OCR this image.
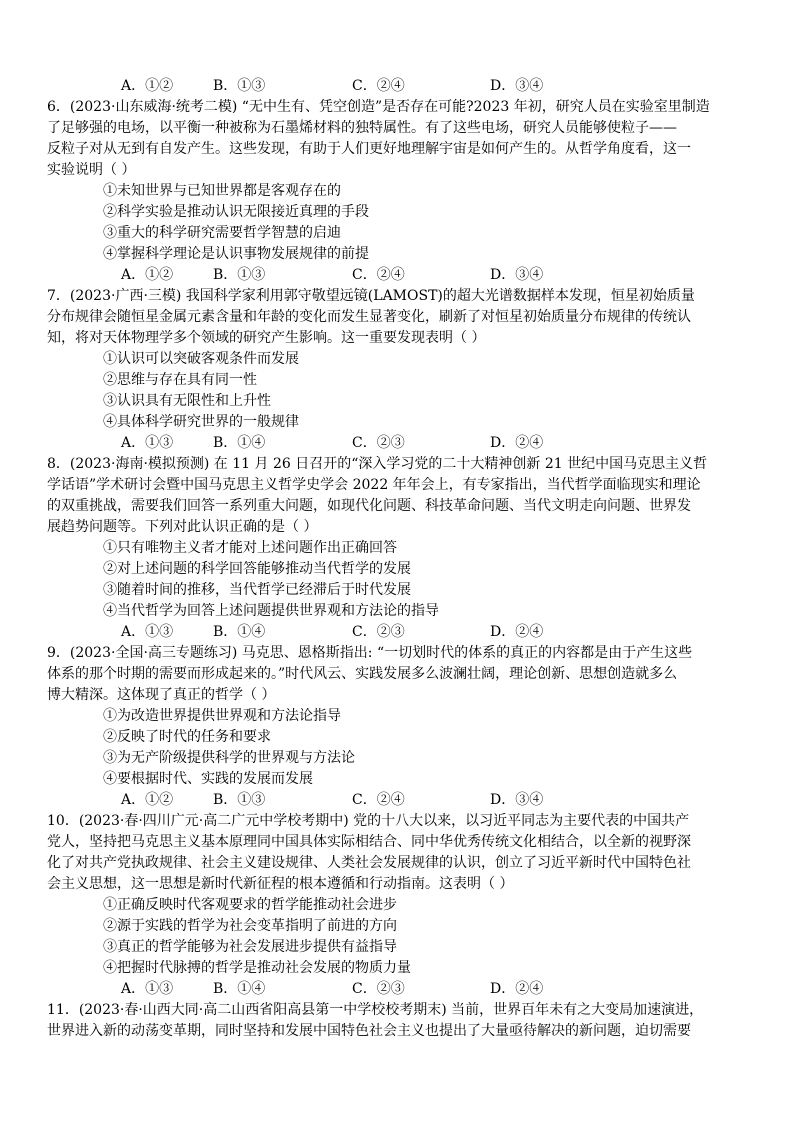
A．①②	B．①③	C．②④	D．③④
6．(2023·山东威海·统考二模) “无中生有、凭空创造”是否存在可能?2023 年初，研究人员在实验室里制造
了足够强的电场，以平衡一种被称为石墨烯材料的独特属性。有了这些电场，研究人员能够使粒子——
反粒子对从无到有自发产生。这些发现，有助于人们更好地理解宇宙是如何产生的。从哲学角度看，这一
实验说明（ ）
①未知世界与已知世界都是客观存在的
②科学实验是推动认识无限接近真理的手段
③重大的科学研究需要哲学智慧的启迪
④掌握科学理论是认识事物发展规律的前提
A．①②	B．①③	C．②④	D．③④
7．(2023·广西·三模) 我国科学家利用郭守敬望远镜(LAMOST)的超大光谱数据样本发现，恒星初始质量
分布规律会随恒星金属元素含量和年龄的变化而发生显著变化，刷新了对恒星初始质量分布规律的传统认
知，将对天体物理学多个领域的研究产生影响。这一重要发现表明（ ）
①认识可以突破客观条件而发展
②思维与存在具有同一性
③认识具有无限性和上升性
④具体科学研究世界的一般规律
A．①③	B．①④	C．②③	D．②④
8．(2023·海南·模拟预测) 在 11 月 26 日召开的“深入学习党的二十大精神创新 21 世纪中国马克思主义哲
学话语”学术研讨会暨中国马克思主义哲学史学会 2022 年年会上，有专家指出，当代哲学面临现实和理论
的双重挑战，需要我们回答一系列重大问题，如现代化问题、科技革命问题、当代文明走向问题、世界发
展趋势问题等。下列对此认识正确的是（ ）
①只有唯物主义者才能对上述问题作出正确回答
②对上述问题的科学回答能够推动当代哲学的发展
③随着时间的推移，当代哲学已经滞后于时代发展
④当代哲学为回答上述问题提供世界观和方法论的指导
A．①③	B．①④	C．②③	D．②④
9．(2023·全国·高三专题练习) 马克思、恩格斯指出: “一切划时代的体系的真正的内容都是由于产生这些
体系的那个时期的需要而形成起来的。”时代风云、实践发展多么波澜壮阔，理论创新、思想创造就多么
博大精深。这体现了真正的哲学（ ）
①为改造世界提供世界观和方法论指导
②反映了时代的任务和要求
③为无产阶级提供科学的世界观与方法论
④要根据时代、实践的发展而发展
A．①②	B．①③	C．②④	D．③④
10．(2023·春·四川广元·高二广元中学校考期中) 党的十八大以来，以习近平同志为主要代表的中国共产
党人，坚持把马克思主义基本原理同中国具体实际相结合、同中华优秀传统文化相结合，以全新的视野深
化了对共产党执政规律、社会主义建设规律、人类社会发展规律的认识，创立了习近平新时代中国特色社
会主义思想，这一思想是新时代新征程的根本遵循和行动指南。这表明（ ）
①正确反映时代客观要求的哲学能推动社会进步
②源于实践的哲学为社会变革指明了前进的方向
③真正的哲学能够为社会发展进步提供有益指导
④把握时代脉搏的哲学是推动社会发展的物质力量
A．①③	B．①④	C．②③	D．②④
11．(2023·春·山西大同·高二山西省阳高县第一中学校校考期末) 当前，世界百年未有之大变局加速演进，
世界进入新的动荡变革期，同时坚持和发展中国特色社会主义也提出了大量亟待解决的新问题，迫切需要
